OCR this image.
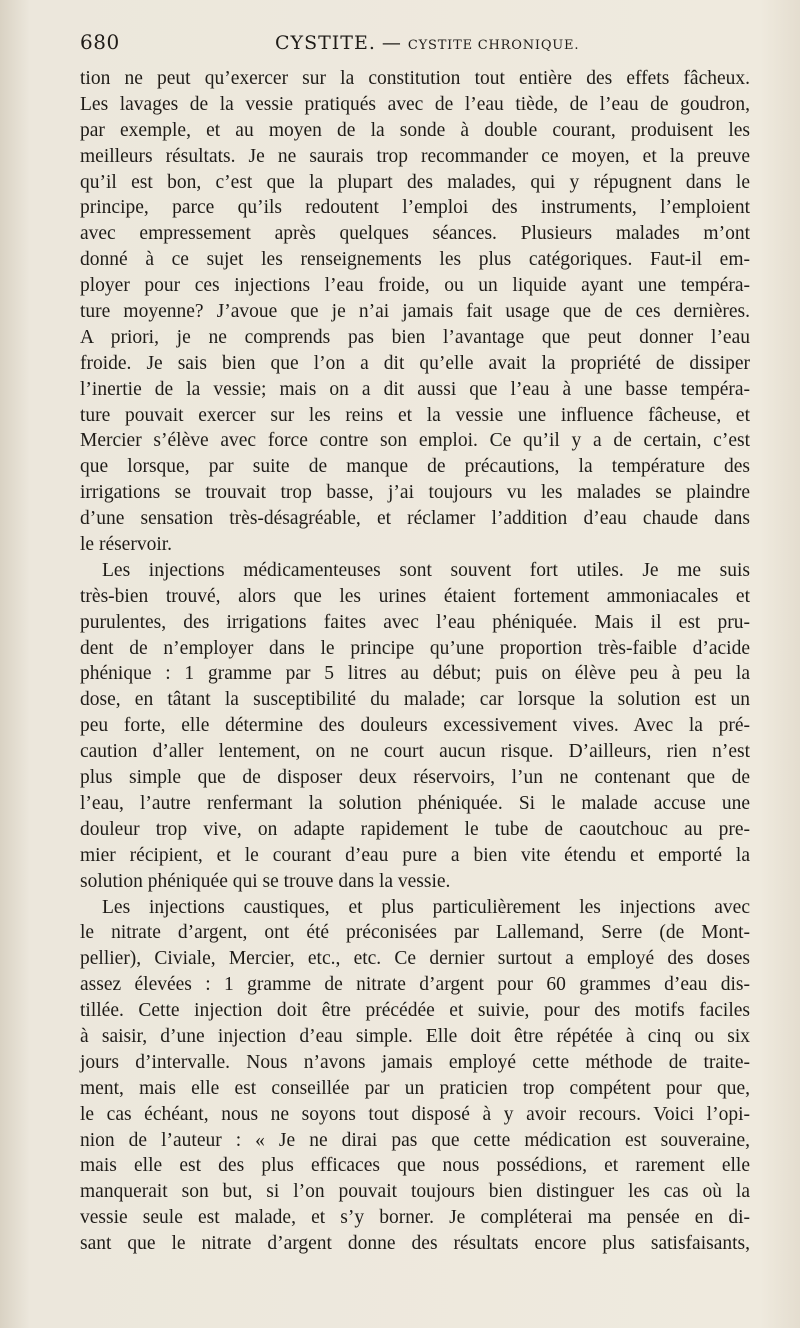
680	CYSTITE. — CYSTITE CHRONIQUE.
tion ne peut qu’exercer sur la constitution tout entière des effets fâcheux.
Les lavages de la vessie pratiqués avec de l’eau tiède, de l’eau de goudron,
par exemple, et au moyen de la sonde à double courant, produisent les
meilleurs résultats. Je ne saurais trop recommander ce moyen, et la preuve
qu’il est bon, c’est que la plupart des malades, qui y répugnent dans le
principe, parce qu’ils redoutent l’emploi des instruments, l’emploient
avec empressement après quelques séances. Plusieurs malades m’ont
donné à ce sujet les renseignements les plus catégoriques. Faut-il em-
ployer pour ces injections l’eau froide, ou un liquide ayant une tempéra-
ture moyenne? J’avoue que je n’ai jamais fait usage que de ces dernières.
A priori, je ne comprends pas bien l’avantage que peut donner l’eau
froide. Je sais bien que l’on a dit qu’elle avait la propriété de dissiper
l’inertie de la vessie; mais on a dit aussi que l’eau à une basse tempéra-
ture pouvait exercer sur les reins et la vessie une influence fâcheuse, et
Mercier s’élève avec force contre son emploi. Ce qu’il y a de certain, c’est
que lorsque, par suite de manque de précautions, la température des
irrigations se trouvait trop basse, j’ai toujours vu les malades se plaindre
d’une sensation très-désagréable, et réclamer l’addition d’eau chaude dans
le réservoir.
Les injections médicamenteuses sont souvent fort utiles. Je me suis
très-bien trouvé, alors que les urines étaient fortement ammoniacales et
purulentes, des irrigations faites avec l’eau phéniquée. Mais il est pru-
dent de n’employer dans le principe qu’une proportion très-faible d’acide
phénique : 1 gramme par 5 litres au début; puis on élève peu à peu la
dose, en tâtant la susceptibilité du malade; car lorsque la solution est un
peu forte, elle détermine des douleurs excessivement vives. Avec la pré-
caution d’aller lentement, on ne court aucun risque. D’ailleurs, rien n’est
plus simple que de disposer deux réservoirs, l’un ne contenant que de
l’eau, l’autre renfermant la solution phéniquée. Si le malade accuse une
douleur trop vive, on adapte rapidement le tube de caoutchouc au pre-
mier récipient, et le courant d’eau pure a bien vite étendu et emporté la
solution phéniquée qui se trouve dans la vessie.
Les injections caustiques, et plus particulièrement les injections avec
le nitrate d’argent, ont été préconisées par Lallemand, Serre (de Mont-
pellier), Civiale, Mercier, etc., etc. Ce dernier surtout a employé des doses
assez élevées : 1 gramme de nitrate d’argent pour 60 grammes d’eau dis-
tillée. Cette injection doit être précédée et suivie, pour des motifs faciles
à saisir, d’une injection d’eau simple. Elle doit être répétée à cinq ou six
jours d’intervalle. Nous n’avons jamais employé cette méthode de traite-
ment, mais elle est conseillée par un praticien trop compétent pour que,
le cas échéant, nous ne soyons tout disposé à y avoir recours. Voici l’opi-
nion de l’auteur : « Je ne dirai pas que cette médication est souveraine,
mais elle est des plus efficaces que nous possédions, et rarement elle
manquerait son but, si l’on pouvait toujours bien distinguer les cas où la
vessie seule est malade, et s’y borner. Je compléterai ma pensée en di-
sant que le nitrate d’argent donne des résultats encore plus satisfaisants,
